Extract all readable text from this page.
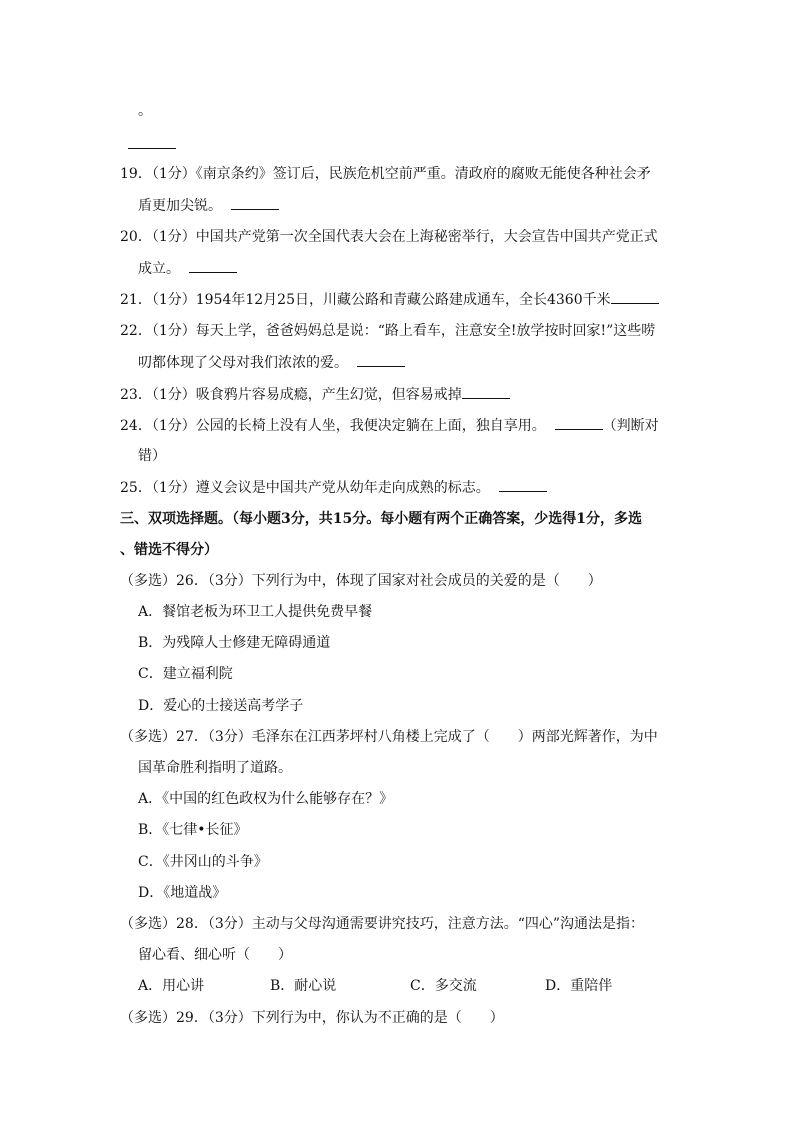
。
19．（1分）《南京条约》签订后，民族危机空前严重。清政府的腐败无能使各种社会矛
盾更加尖锐。
20．（1分）中国共产党第一次全国代表大会在上海秘密举行，大会宣告中国共产党正式
成立。
21．（1分）1954年12月25日，川藏公路和青藏公路建成通车，全长4360千米
22．（1分）每天上学，爸爸妈妈总是说：“路上看车，注意安全!放学按时回家!”这些唠
叨都体现了父母对我们浓浓的爱。
23．（1分）吸食鸦片容易成瘾，产生幻觉，但容易戒掉
24．（1分）公园的长椅上没有人坐，我便决定躺在上面，独自享用。	（判断对
错）
25．（1分）遵义会议是中国共产党从幼年走向成熟的标志。
三、双项选择题。（每小题3分，共15分。每小题有两个正确答案，少选得1分，多选
、错选不得分）
（多选）26．（3分）下列行为中，体现了国家对社会成员的关爱的是（　　）
A．餐馆老板为环卫工人提供免费早餐
B．为残障人士修建无障碍通道
C．建立福利院
D．爱心的士接送高考学子
（多选）27．（3分）毛泽东在江西茅坪村八角楼上完成了（　　）两部光辉著作，为中
国革命胜利指明了道路。
A．《中国的红色政权为什么能够存在？》
B．《七律•长征》
C．《井冈山的斗争》
D．《地道战》
（多选）28．（3分）主动与父母沟通需要讲究技巧，注意方法。“四心”沟通法是指：
留心看、细心听（　　）
A．用心讲	B．耐心说	C．多交流	D．重陪伴
（多选）29．（3分）下列行为中，你认为不正确的是（　　）
